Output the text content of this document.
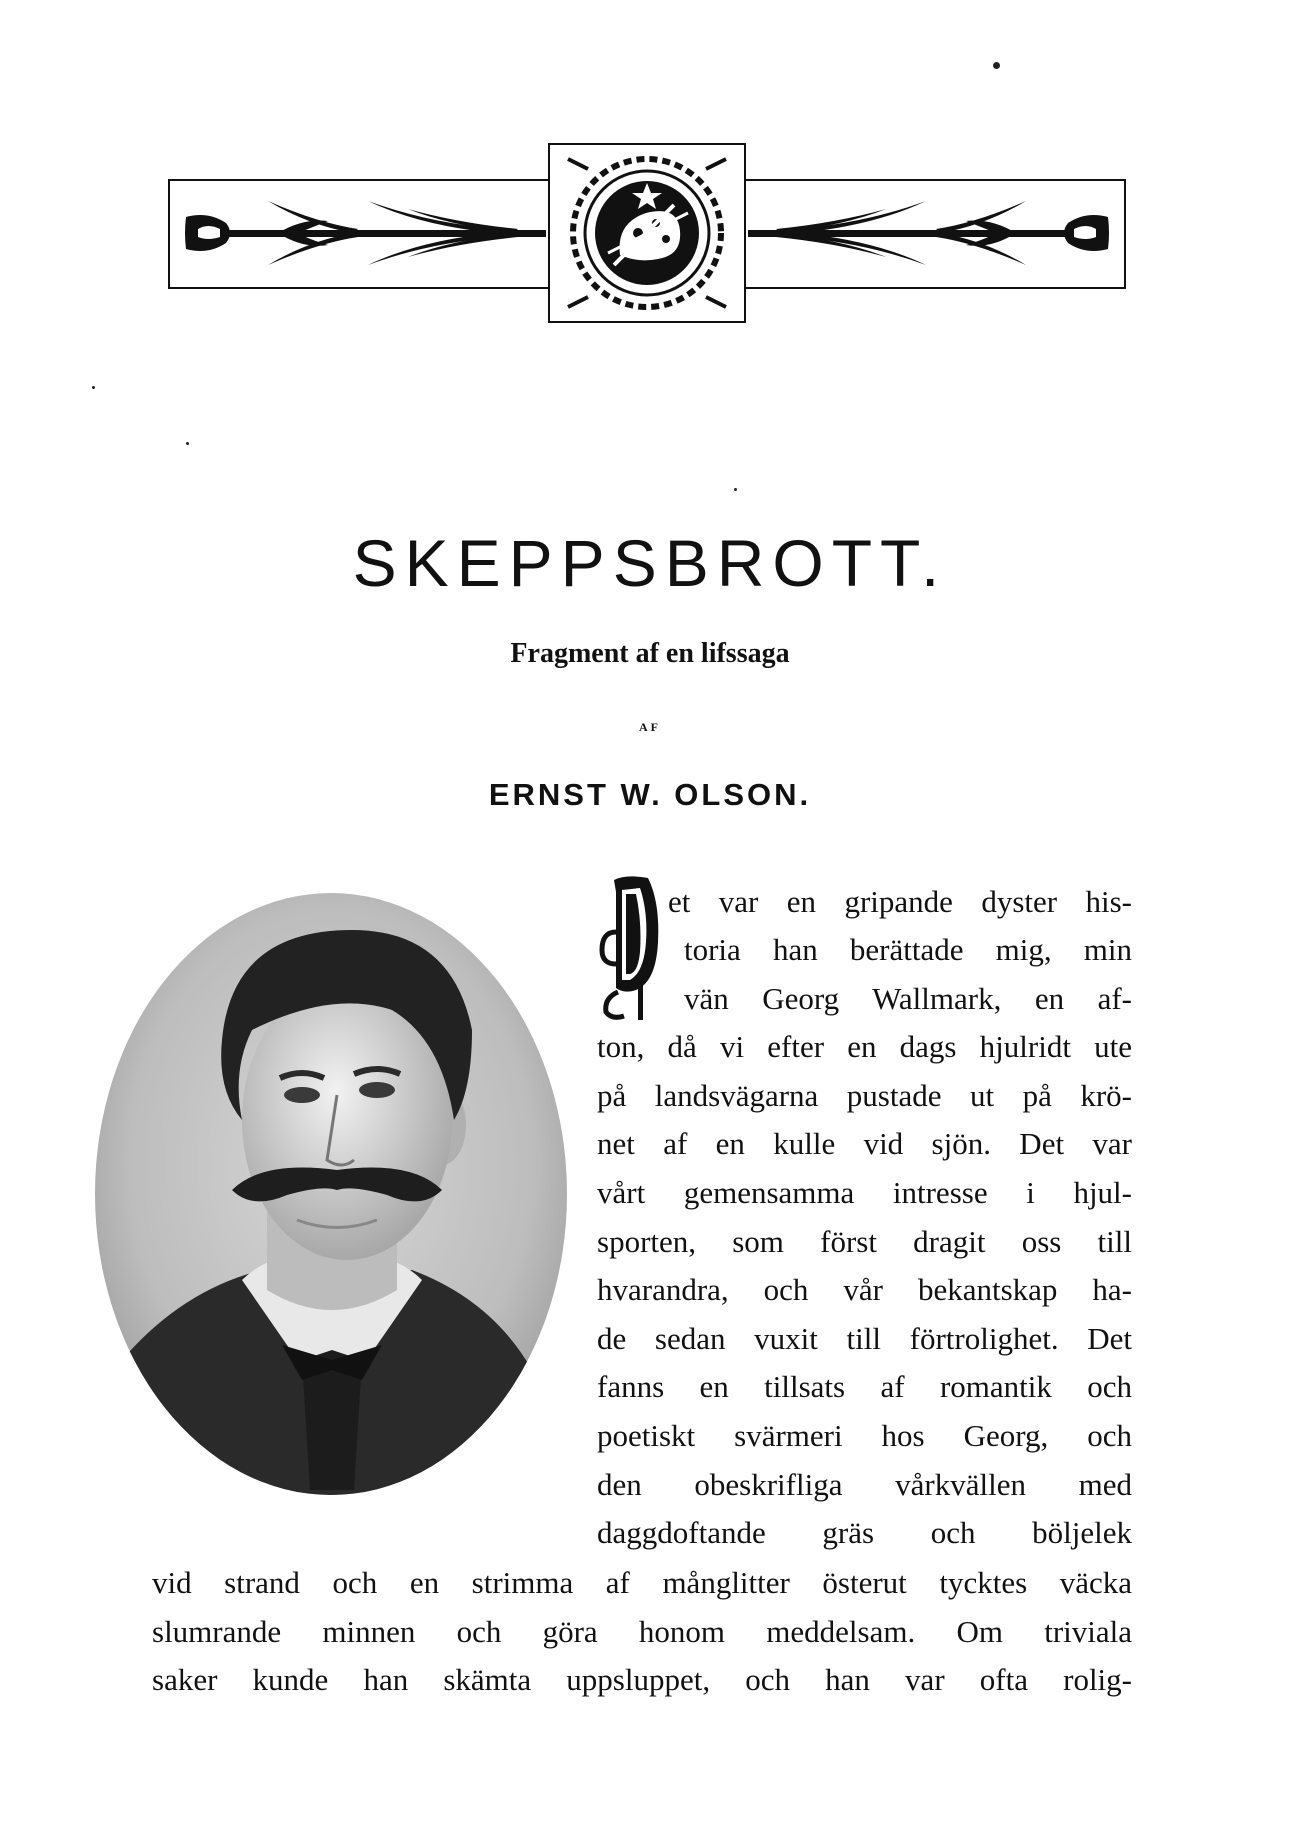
SKEPPSBROTT.
Fragment af en lifssaga
AF
ERNST W. OLSON.
et var en gripande dyster his-
toria han berättade mig, min
vän Georg Wallmark, en af-
ton, då vi efter en dags hjulridt ute
på landsvägarna pustade ut på krö-
net af en kulle vid sjön. Det var
vårt gemensamma intresse i hjul-
sporten, som först dragit oss till
hvarandra, och vår bekantskap ha-
de sedan vuxit till förtrolighet. Det
fanns en tillsats af romantik och
poetiskt svärmeri hos Georg, och
den obeskrifliga vårkvällen med
daggdoftande gräs och böljelek
vid strand och en strimma af månglitter österut tycktes väcka
slumrande minnen och göra honom meddelsam. Om triviala
saker kunde han skämta uppsluppet, och han var ofta rolig-
